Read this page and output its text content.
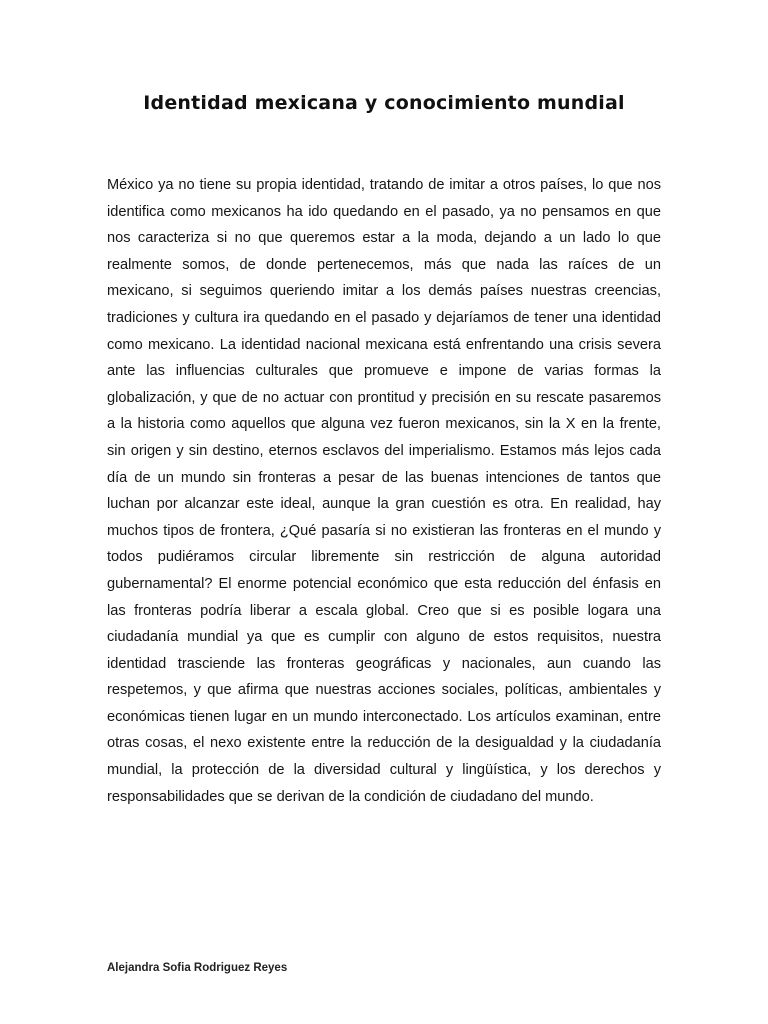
Identidad mexicana y conocimiento mundial

México ya no tiene su propia identidad, tratando de imitar a otros países, lo que nos identifica como mexicanos ha ido quedando en el pasado, ya no pensamos en que nos caracteriza si no que queremos estar a la moda, dejando a un lado lo que realmente somos, de donde pertenecemos, más que nada las raíces de un mexicano, si seguimos queriendo imitar a los demás países nuestras creencias, tradiciones y cultura ira quedando en el pasado y dejaríamos de tener una identidad como mexicano. La identidad nacional mexicana está enfrentando una crisis severa ante las influencias culturales que promueve e impone de varias formas la globalización, y que de no actuar con prontitud y precisión en su rescate pasaremos a la historia como aquellos que alguna vez fueron mexicanos, sin la X en la frente, sin origen y sin destino, eternos esclavos del imperialismo. Estamos más lejos cada día de un mundo sin fronteras a pesar de las buenas intenciones de tantos que luchan por alcanzar este ideal, aunque la gran cuestión es otra. En realidad, hay muchos tipos de frontera, ¿Qué pasaría si no existieran las fronteras en el mundo y todos pudiéramos circular libremente sin restricción de alguna autoridad gubernamental? El enorme potencial económico que esta reducción del énfasis en las fronteras podría liberar a escala global. Creo que si es posible logara una ciudadanía mundial ya que es cumplir con alguno de estos requisitos, nuestra identidad trasciende las fronteras geográficas y nacionales, aun cuando las respetemos, y que afirma que nuestras acciones sociales, políticas, ambientales y económicas tienen lugar en un mundo interconectado. Los artículos examinan, entre otras cosas, el nexo existente entre la reducción de la desigualdad y la ciudadanía mundial, la protección de la diversidad cultural y lingüística, y los derechos y responsabilidades que se derivan de la condición de ciudadano del mundo.

Alejandra Sofia Rodriguez Reyes
